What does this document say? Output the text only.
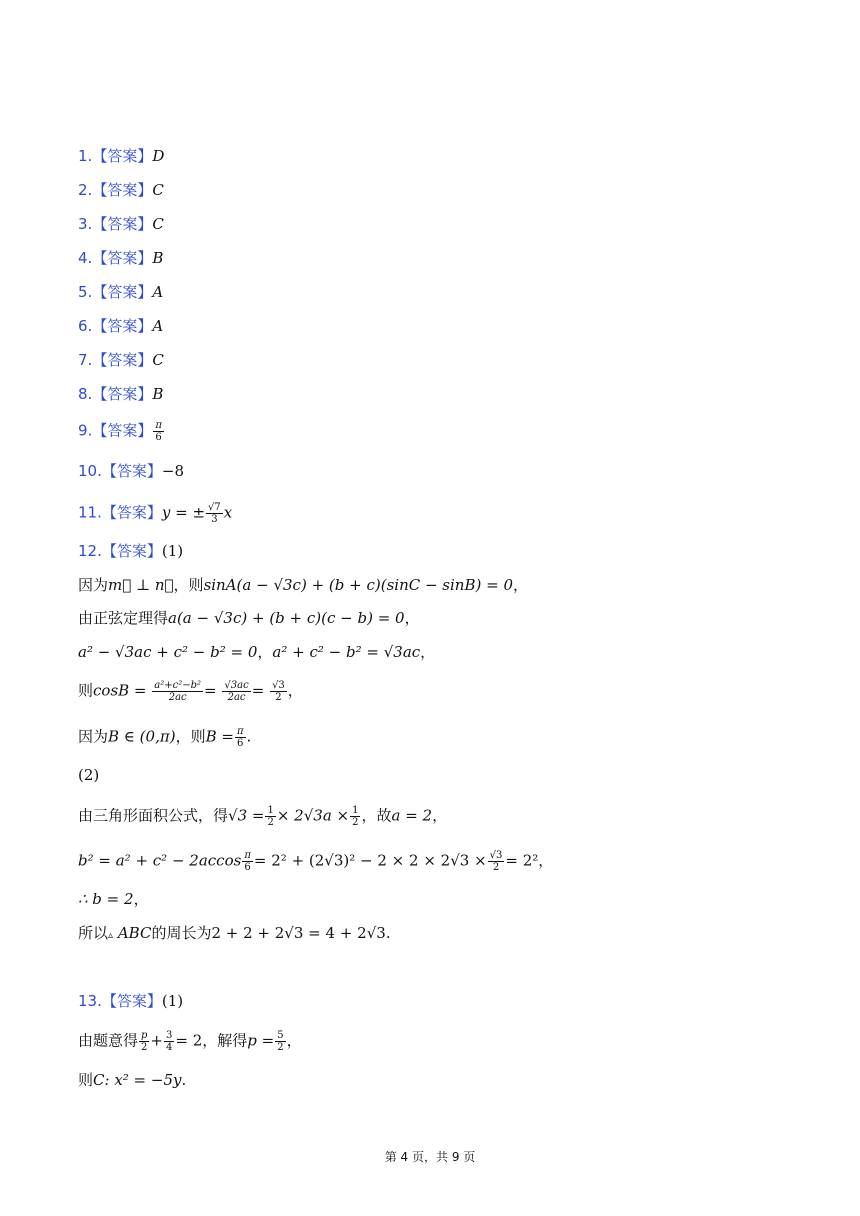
1.【答案】D
2.【答案】C
3.【答案】C
4.【答案】B
5.【答案】A
6.【答案】A
7.【答案】C
8.【答案】B
9.【答案】 $\frac{\pi}{6}$
10.【答案】−8
11.【答案】y = ± $\frac{√7}{3}$ x
12.【答案】(1)
因为m⃗ ⊥ n⃗，则sinA(a − √3c) + (b + c)(sinC − sinB) = 0，
由正弦定理得a(a − √3c) + (b + c)(c − b) = 0，
a² − √3ac + c² − b² = 0，a² + c² − b² = √3ac，
则$\cos B = \frac{\text{a²+c²−b²}}{2ac} = \frac{√3ac}{2ac} = \frac{√3}{2}$ ，
因为B ∈ (0,π)，则$B = \frac{\pi}{6}$ .
(2)
由三角形面积公式，得$√3 = \frac{1}{2} \times 2√3a \times \frac{1}{2}$ ，故a = 2，
$b^2 = a^2 + c^2 - 2accos \frac{\pi}{6} = 2^2 + (2√3)^2 - 2 \times 2 \times 2√3 \times \frac{√3}{2} = 2^2$，
∴ b = 2，
所以▵ ABC的周长为2 + 2 + 2√3 = 4 + 2√3.
13.【答案】(1)
由题意得 $\frac{p}{2} + \frac{3}{4} = 2$，解得$p = \frac{5}{2}$ ，
则C: x² = −5y.
第 4 页，共 9 页
